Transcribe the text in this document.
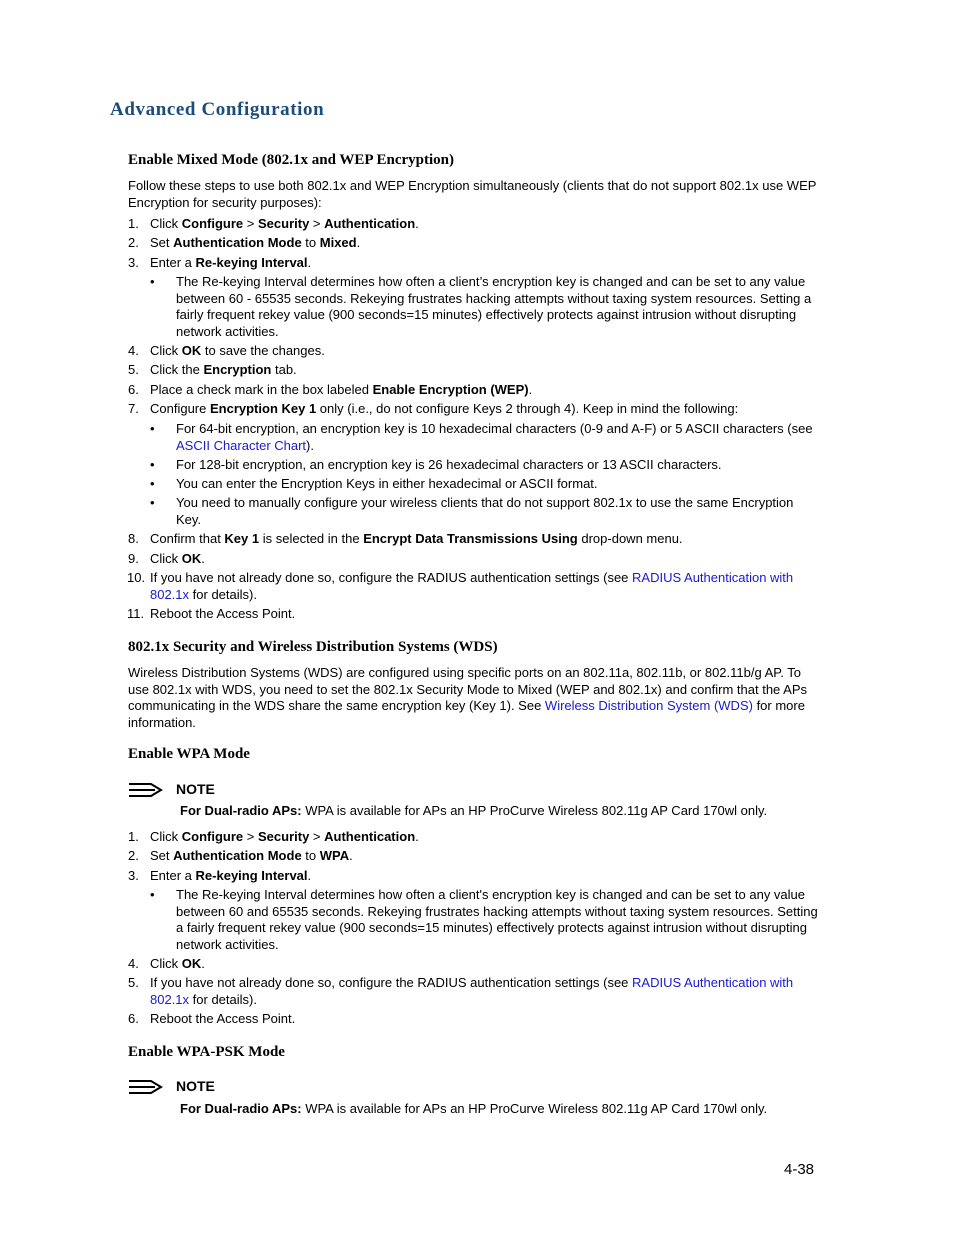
Advanced Configuration
Enable Mixed Mode (802.1x and WEP Encryption)

Follow these steps to use both 802.1x and WEP Encryption simultaneously (clients that do not support 802.1x use WEP Encryption for security purposes):

1. Click Configure > Security > Authentication.
2. Set Authentication Mode to Mixed.
3. Enter a Re-keying Interval.
• The Re-keying Interval determines how often a client’s encryption key is changed and can be set to any value between 60 - 65535 seconds. Rekeying frustrates hacking attempts without taxing system resources. Setting a fairly frequent rekey value (900 seconds=15 minutes) effectively protects against intrusion without disrupting network activities.
4. Click OK to save the changes.
5. Click the Encryption tab.
6. Place a check mark in the box labeled Enable Encryption (WEP).
7. Configure Encryption Key 1 only (i.e., do not configure Keys 2 through 4). Keep in mind the following:
• For 64-bit encryption, an encryption key is 10 hexadecimal characters (0-9 and A-F) or 5 ASCII characters (see ASCII Character Chart).
• For 128-bit encryption, an encryption key is 26 hexadecimal characters or 13 ASCII characters.
• You can enter the Encryption Keys in either hexadecimal or ASCII format.
• You need to manually configure your wireless clients that do not support 802.1x to use the same Encryption Key.
8. Confirm that Key 1 is selected in the Encrypt Data Transmissions Using drop-down menu.
9. Click OK.
10. If you have not already done so, configure the RADIUS authentication settings (see RADIUS Authentication with 802.1x for details).
11. Reboot the Access Point.
802.1x Security and Wireless Distribution Systems (WDS)

Wireless Distribution Systems (WDS) are configured using specific ports on an 802.11a, 802.11b, or 802.11b/g AP. To use 802.1x with WDS, you need to set the 802.1x Security Mode to Mixed (WEP and 802.1x) and confirm that the APs communicating in the WDS share the same encryption key (Key 1). See Wireless Distribution System (WDS) for more information.

Enable WPA Mode
NOTE
For Dual-radio APs: WPA is available for APs an HP ProCurve Wireless 802.11g AP Card 170wl only.
1. Click Configure > Security > Authentication.
2. Set Authentication Mode to WPA.
3. Enter a Re-keying Interval.
• The Re-keying Interval determines how often a client's encryption key is changed and can be set to any value between 60 and 65535 seconds. Rekeying frustrates hacking attempts without taxing system resources. Setting a fairly frequent rekey value (900 seconds=15 minutes) effectively protects against intrusion without disrupting network activities.
4. Click OK.
5. If you have not already done so, configure the RADIUS authentication settings (see RADIUS Authentication with 802.1x for details).
6. Reboot the Access Point.
Enable WPA-PSK Mode
NOTE
For Dual-radio APs: WPA is available for APs an HP ProCurve Wireless 802.11g AP Card 170wl only.
4-38
